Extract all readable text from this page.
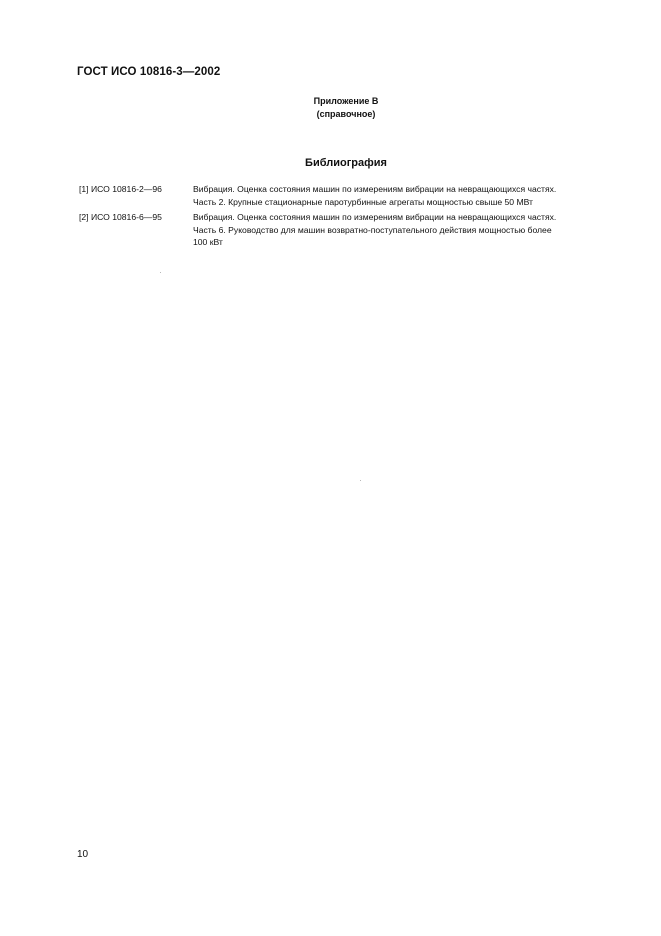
ГОСТ ИСО 10816-3—2002
Приложение В
(справочное)
Библиография
[1] ИСО 10816-2—96	Вибрация. Оценка состояния машин по измерениям вибрации на невращающихся частях.
Часть 2. Крупные стационарные паротурбинные агрегаты мощностью свыше 50 МВт
[2] ИСО 10816-6—95	Вибрация. Оценка состояния машин по измерениям вибрации на невращающихся частях.
Часть 6. Руководство для машин возвратно-поступательного действия мощностью более
100 кВт
10
